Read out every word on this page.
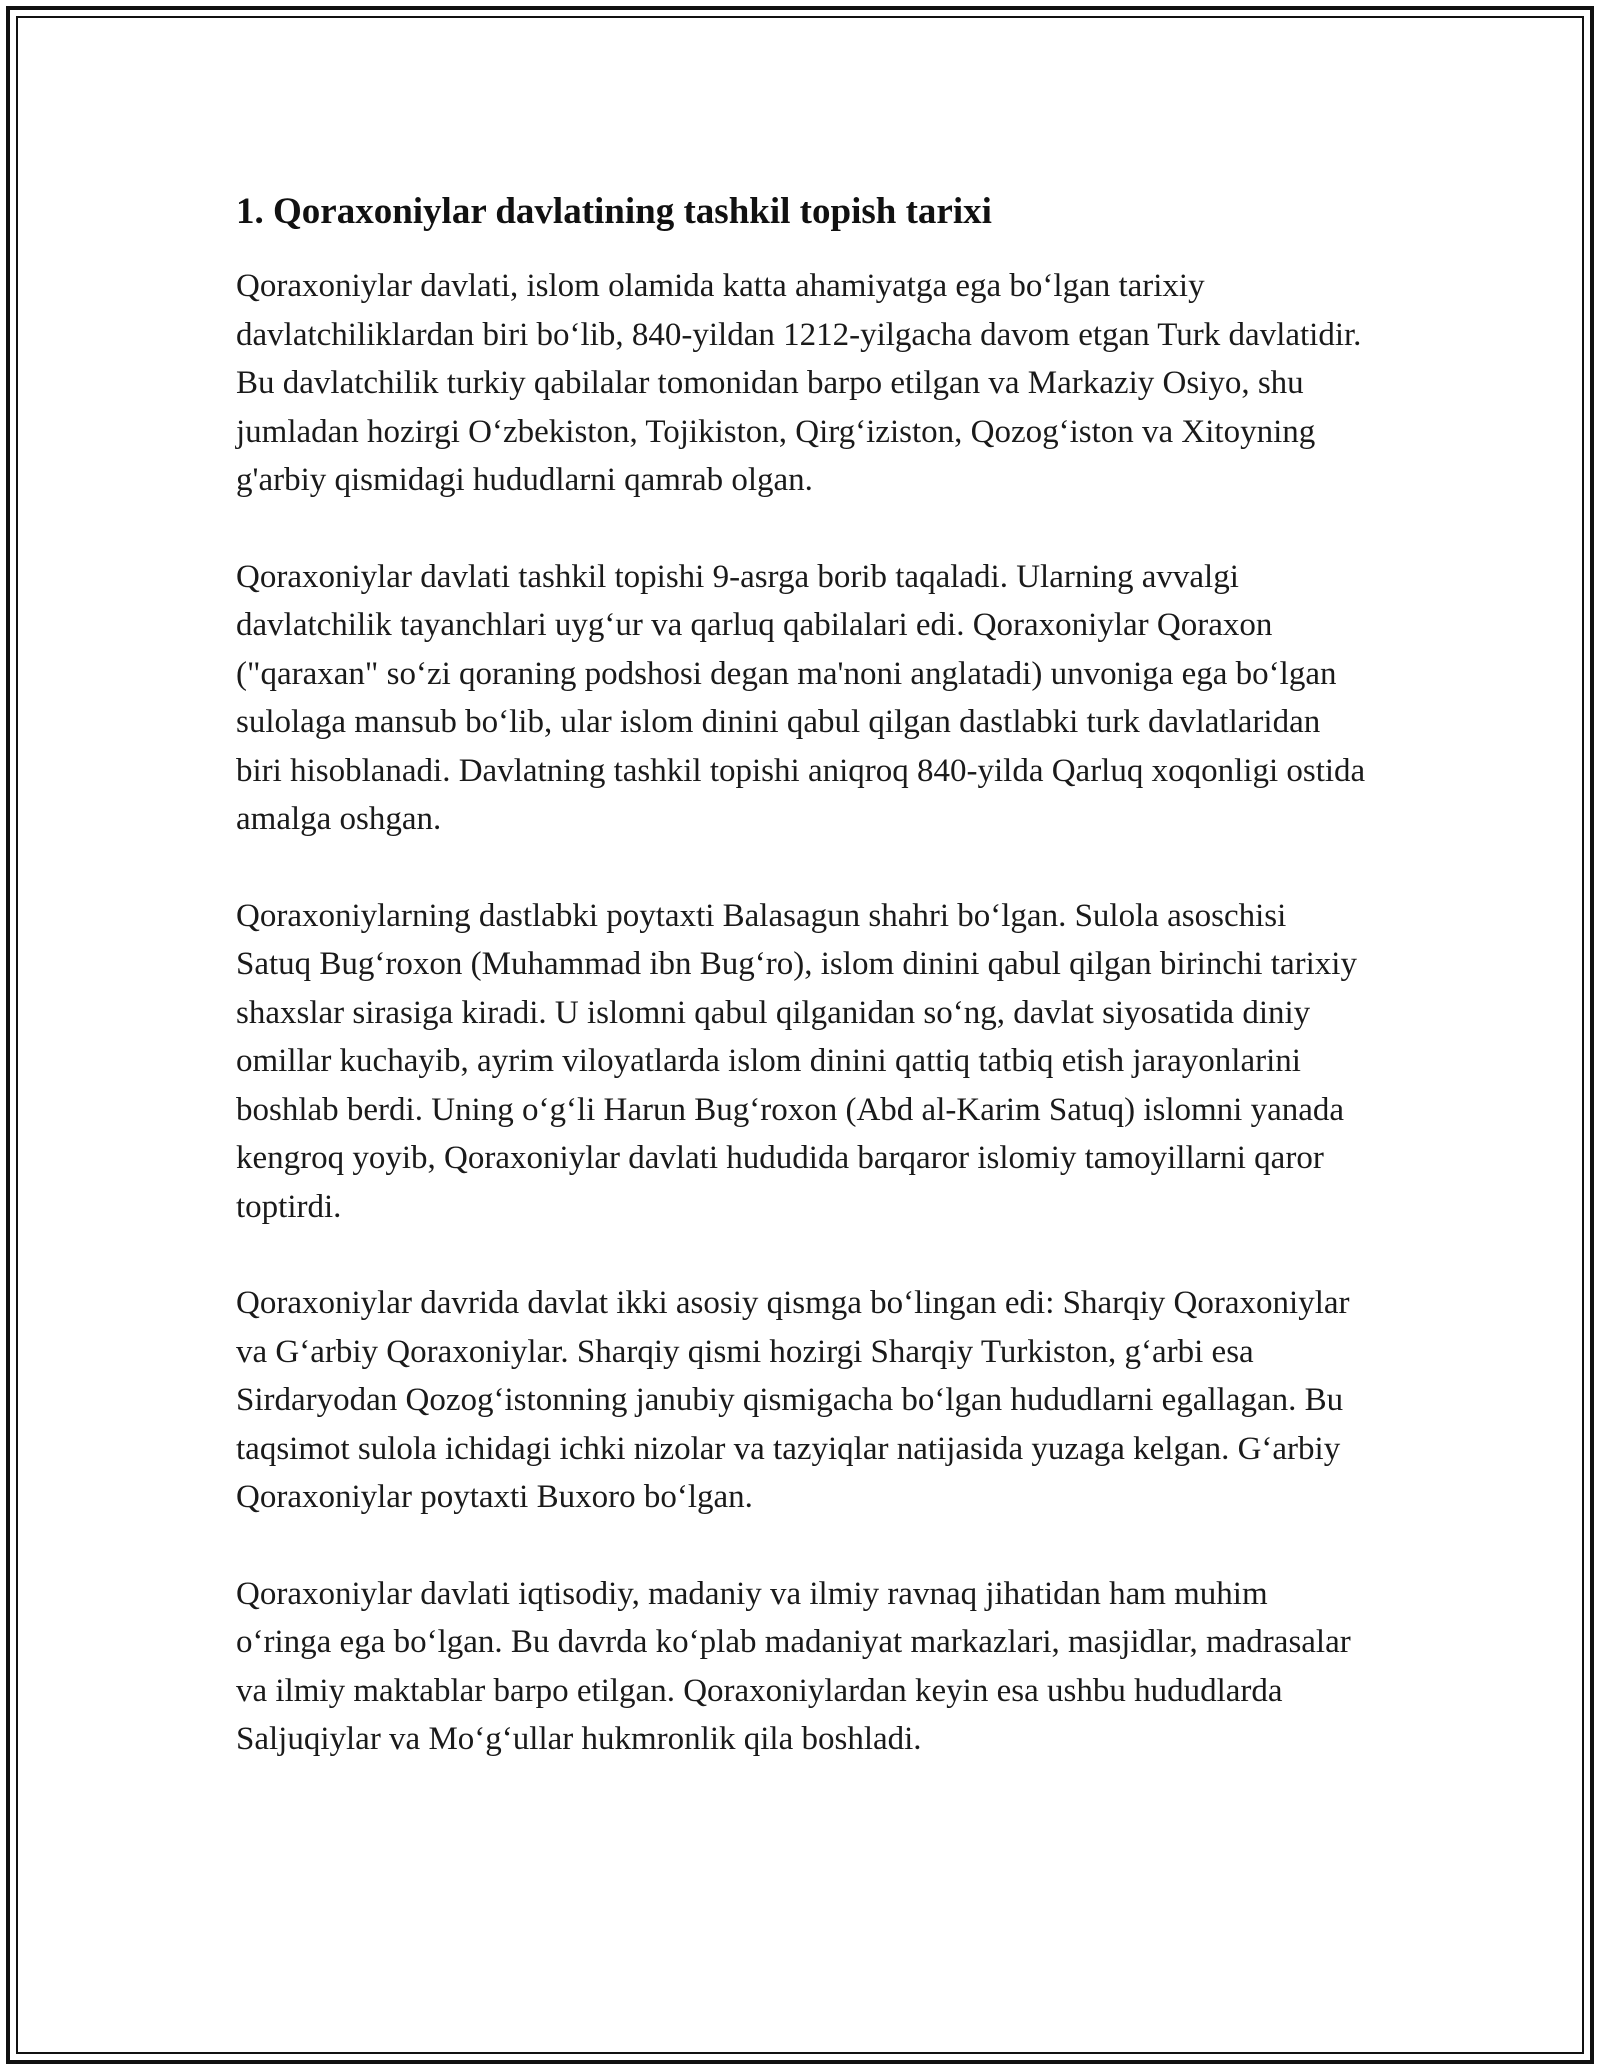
1. Qoraxoniylar davlatining tashkil topish tarixi

Qoraxoniylar davlati, islom olamida katta ahamiyatga ega bo‘lgan tarixiy davlatchiliklardan biri bo‘lib, 840-yildan 1212-yilgacha davom etgan Turk davlatidir. Bu davlatchilik turkiy qabilalar tomonidan barpo etilgan va Markaziy Osiyo, shu jumladan hozirgi O‘zbekiston, Tojikiston, Qirg‘iziston, Qozog‘iston va Xitoyning g'arbiy qismidagi hududlarni qamrab olgan.

Qoraxoniylar davlati tashkil topishi 9-asrga borib taqaladi. Ularning avvalgi davlatchilik tayanchlari uyg‘ur va qarluq qabilalari edi. Qoraxoniylar Qoraxon ("qaraxan" so‘zi qoraning podshosi degan ma'noni anglatadi) unvoniga ega bo‘lgan sulolaga mansub bo‘lib, ular islom dinini qabul qilgan dastlabki turk davlatlaridan biri hisoblanadi. Davlatning tashkil topishi aniqroq 840-yilda Qarluq xoqonligi ostida amalga oshgan.

Qoraxoniylarning dastlabki poytaxti Balasagun shahri bo‘lgan. Sulola asoschisi Satuq Bug‘roxon (Muhammad ibn Bug‘ro), islom dinini qabul qilgan birinchi tarixiy shaxslar sirasiga kiradi. U islomni qabul qilganidan so‘ng, davlat siyosatida diniy omillar kuchayib, ayrim viloyatlarda islom dinini qattiq tatbiq etish jarayonlarini boshlab berdi. Uning o‘g‘li Harun Bug‘roxon (Abd al-Karim Satuq) islomni yanada kengroq yoyib, Qoraxoniylar davlati hududida barqaror islomiy tamoyillarni qaror toptirdi.

Qoraxoniylar davrida davlat ikki asosiy qismga bo‘lingan edi: Sharqiy Qoraxoniylar va G‘arbiy Qoraxoniylar. Sharqiy qismi hozirgi Sharqiy Turkiston, g‘arbi esa Sirdaryodan Qozog‘istonning janubiy qismigacha bo‘lgan hududlarni egallagan. Bu taqsimot sulola ichidagi ichki nizolar va tazyiqlar natijasida yuzaga kelgan. G‘arbiy Qoraxoniylar poytaxti Buxoro bo‘lgan.

Qoraxoniylar davlati iqtisodiy, madaniy va ilmiy ravnaq jihatidan ham muhim o‘ringa ega bo‘lgan. Bu davrda ko‘plab madaniyat markazlari, masjidlar, madrasalar va ilmiy maktablar barpo etilgan. Qoraxoniylardan keyin esa ushbu hududlarda Saljuqiylar va Mo‘g‘ullar hukmronlik qila boshladi.
